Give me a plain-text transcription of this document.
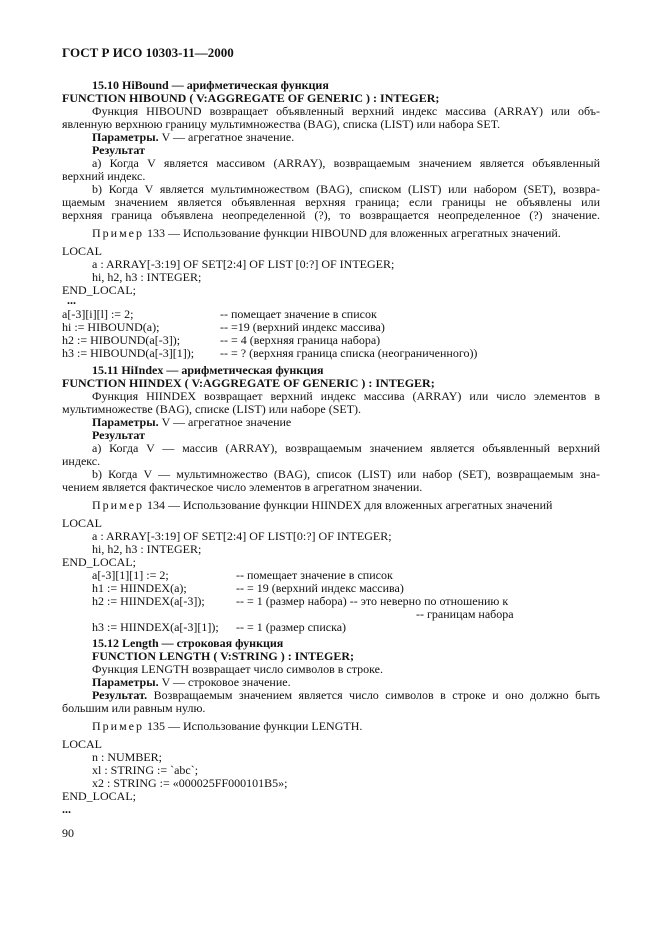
ГОСТ Р ИСО 10303-11—2000
15.10 HiBound — арифметическая функция
FUNCTION HIBOUND ( V:AGGREGATE OF GENERIC ) : INTEGER;
Функция HIBOUND возвращает объявленный верхний индекс массива (ARRAY) или объ-
явленную верхнюю границу мультимножества (BAG), списка (LIST) или набора SET.
Параметры. V — агрегатное значение.
Результат
a) Когда V является массивом (ARRAY), возвращаемым значением является объявленный
верхний индекс.
b) Когда V является мультимножеством (BAG), списком (LIST) или набором (SET), возвра-
щаемым значением является объявленная верхняя граница; если границы не объявлены или
верхняя граница объявлена неопределенной (?), то возвращается неопределенное (?) значение.
Пример 133 — Использование функции HIBOUND для вложенных агрегатных значений.
LOCAL
a : ARRAY[-3:19] OF SET[2:4] OF LIST [0:?] OF INTEGER;
hi, h2, h3 : INTEGER;
END_LOCAL;
...
a[-3][i][l] := 2;	-- помещает значение в список
hi := HIBOUND(a);	-- =19 (верхний индекс массива)
h2 := HIBOUND(a[-3]);	-- = 4 (верхняя граница набора)
h3 := HIBOUND(a[-3][1]); -- = ? (верхняя граница списка (неограниченного))
15.11 HiIndex — арифметическая функция
FUNCTION HIINDEX ( V:AGGREGATE OF GENERIC ) : INTEGER;
Функция HIINDEX возвращает верхний индекс массива (ARRAY) или число элементов в
мультимножестве (BAG), списке (LIST) или наборе (SET).
Параметры. V — агрегатное значение
Результат
a) Когда V — массив (ARRAY), возвращаемым значением является объявленный верхний
индекс.
b) Когда V — мультимножество (BAG), список (LIST) или набор (SET), возвращаемым зна-
чением является фактическое число элементов в агрегатном значении.
Пример 134 — Использование функции HIINDEX для вложенных агрегатных значений
LOCAL
a : ARRAY[-3:19] OF SET[2:4] OF LIST[0:?] OF INTEGER;
hi, h2, h3 : INTEGER;
END_LOCAL;
a[-3][1][1] := 2;	-- помещает значение в список
h1 := HIINDEX(a);	-- = 19 (верхний индекс массива)
h2 := HIINDEX(a[-3]);	-- = 1 (размер набора) -- это неверно по отношению к
-- границам набора
h3 := HIINDEX(a[-3][1]); -- = 1 (размер списка)
15.12 Length — строковая функция
FUNCTION LENGTH ( V:STRING ) : INTEGER;
Функция LENGTH возвращает число символов в строке.
Параметры. V — строковое значение.
Результат. Возвращаемым значением является число символов в строке и оно должно быть
большим или равным нулю.
Пример 135 — Использование функции LENGTH.
LOCAL
n : NUMBER;
xl : STRING := `abc`;
x2 : STRING := «000025FF000101B5»;
END_LOCAL;
...
90
